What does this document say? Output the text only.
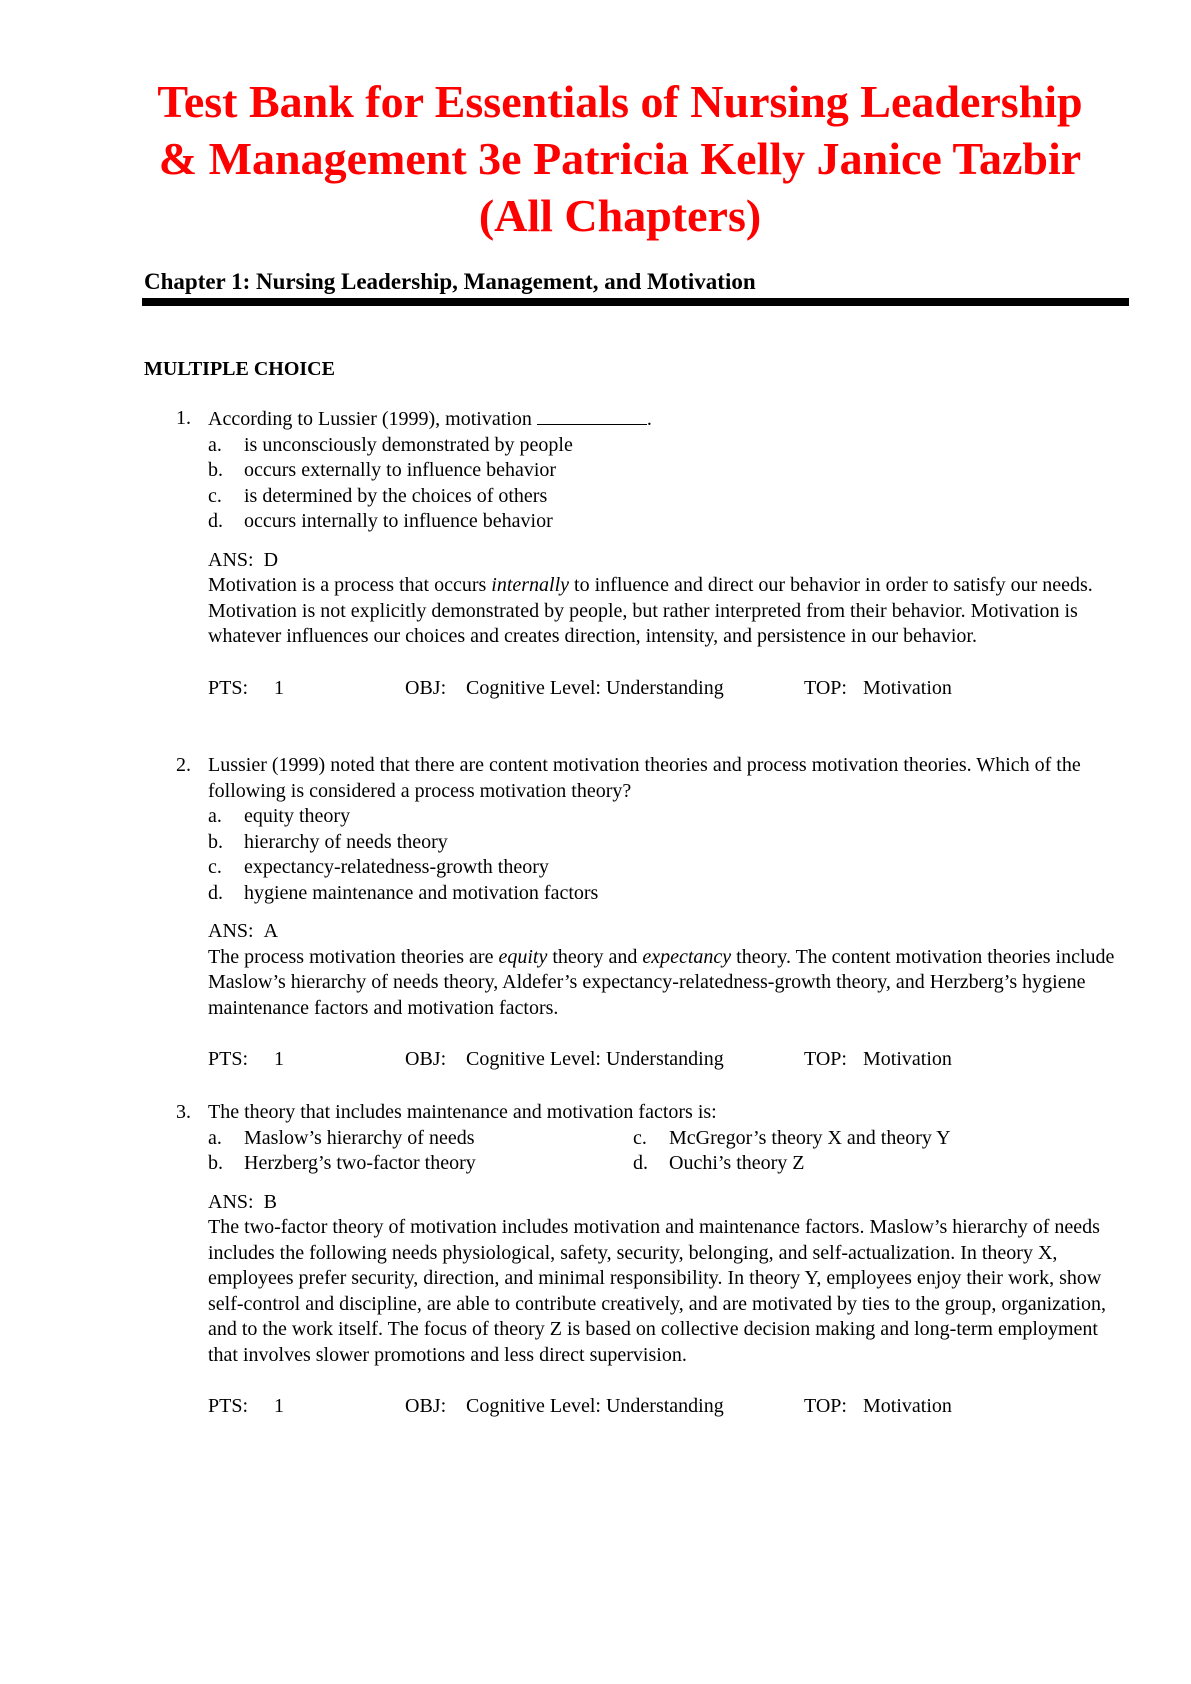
Test Bank for Essentials of Nursing Leadership
& Management 3e Patricia Kelly Janice Tazbir
(All Chapters)
Chapter 1: Nursing Leadership, Management, and Motivation
MULTIPLE CHOICE
1. According to Lussier (1999), motivation	.
a.	is unconsciously demonstrated by people
b.	occurs externally to influence behavior
c.	is determined by the choices of others
d.	occurs internally to influence behavior
ANS: D
Motivation is a process that occurs internally to influence and direct our behavior in order to satisfy our needs. Motivation is not explicitly demonstrated by people, but rather interpreted from their behavior. Motivation is whatever influences our choices and creates direction, intensity, and persistence in our behavior.
PTS: 1	OBJ: Cognitive Level: Understanding	TOP: Motivation
2. Lussier (1999) noted that there are content motivation theories and process motivation theories. Which of the following is considered a process motivation theory?
a.	equity theory
b.	hierarchy of needs theory
c.	expectancy-relatedness-growth theory
d.	hygiene maintenance and motivation factors
ANS: A
The process motivation theories are equity theory and expectancy theory. The content motivation theories include Maslow’s hierarchy of needs theory, Aldefer’s expectancy-relatedness-growth theory, and Herzberg’s hygiene maintenance factors and motivation factors.
PTS: 1	OBJ: Cognitive Level: Understanding	TOP: Motivation
3. The theory that includes maintenance and motivation factors is:
a.	Maslow’s hierarchy of needs	c.	McGregor’s theory X and theory Y
b.	Herzberg’s two-factor theory	d.	Ouchi’s theory Z
ANS: B
The two-factor theory of motivation includes motivation and maintenance factors. Maslow’s hierarchy of needs includes the following needs physiological, safety, security, belonging, and self-actualization. In theory X, employees prefer security, direction, and minimal responsibility. In theory Y, employees enjoy their work, show self-control and discipline, are able to contribute creatively, and are motivated by ties to the group, organization, and to the work itself. The focus of theory Z is based on collective decision making and long-term employment that involves slower promotions and less direct supervision.
PTS: 1	OBJ: Cognitive Level: Understanding	TOP: Motivation
